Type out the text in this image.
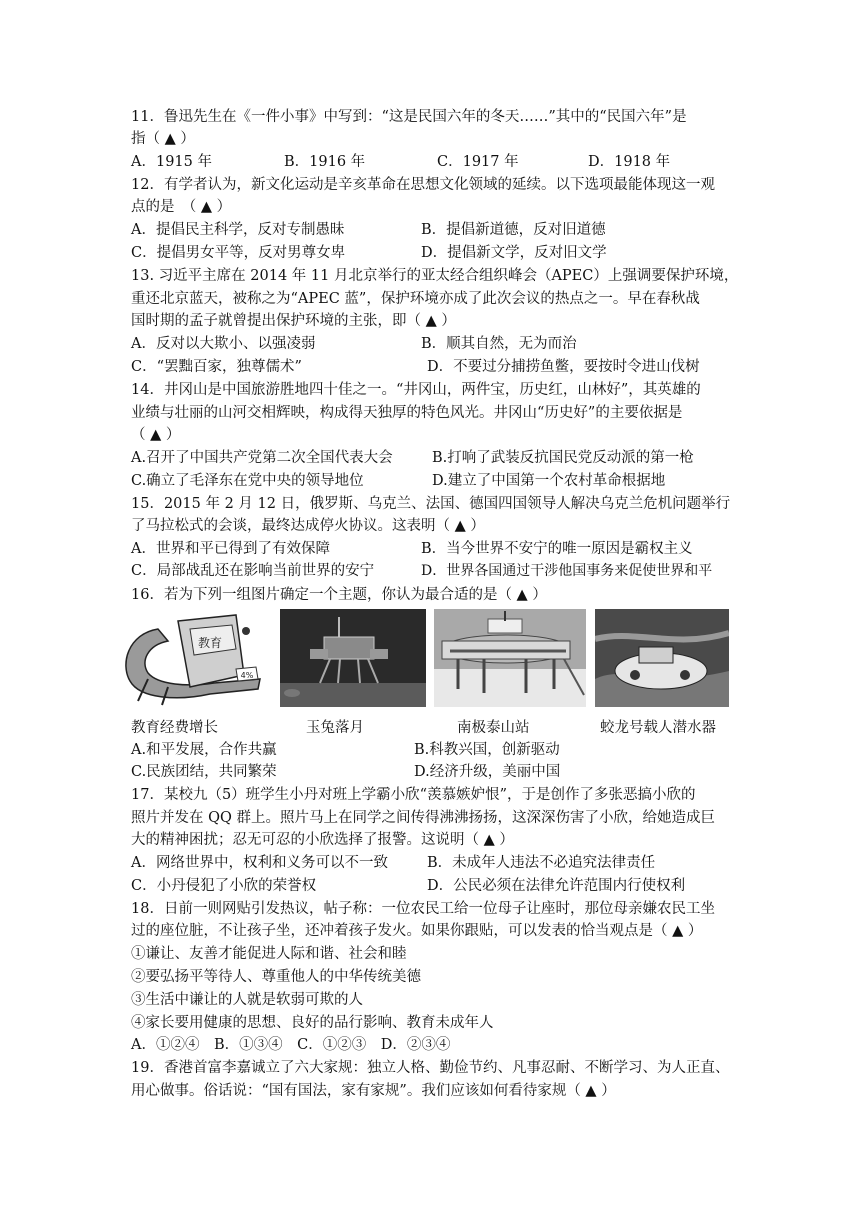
11．鲁迅先生在《一件小事》中写到：“这是民国六年的冬天……”其中的“民国六年”是
指（ ▲ ）
A．1915 年	B．1916 年	C．1917 年	D．1918 年
12．有学者认为，新文化运动是辛亥革命在思想文化领域的延续。以下选项最能体现这一观
点的是　（ ▲ ）
A．提倡民主科学，反对专制愚昧	B．提倡新道德，反对旧道德
C．提倡男女平等，反对男尊女卑	D．提倡新文学，反对旧文学
13. 习近平主席在 2014 年 11 月北京举行的亚太经合组织峰会（APEC）上强调要保护环境，
重还北京蓝天，被称之为“APEC 蓝”，保护环境亦成了此次会议的热点之一。早在春秋战
国时期的孟子就曾提出保护环境的主张，即（ ▲ ）
A．反对以大欺小、以强凌弱	B．顺其自然，无为而治
C．“罢黜百家，独尊儒术”	D．不要过分捕捞鱼鳖，要按时令进山伐树
14．井冈山是中国旅游胜地四十佳之一。“井冈山，两件宝，历史红，山林好”，其英雄的
业绩与壮丽的山河交相辉映，构成得天独厚的特色风光。井冈山“历史好”的主要依据是
（ ▲ ）
A.召开了中国共产党第二次全国代表大会	B.打响了武装反抗国民党反动派的第一枪
C.确立了毛泽东在党中央的领导地位	D.建立了中国第一个农村革命根据地
15．2015 年 2 月 12 日，俄罗斯、乌克兰、法国、德国四国领导人解决乌克兰危机问题举行
了马拉松式的会谈，最终达成停火协议。这表明（ ▲ ）
A．世界和平已得到了有效保障	B．当今世界不安宁的唯一原因是霸权主义
C．局部战乱还在影响当前世界的安宁	D．世界各国通过干涉他国事务来促使世界和平
16．若为下列一组图片确定一个主题，你认为最合适的是（ ▲ ）
教育
4%
教育经费增长	玉兔落月	南极泰山站	蛟龙号载人潜水器
A.和平发展，合作共赢	B.科教兴国，创新驱动
C.民族团结，共同繁荣	D.经济升级，美丽中国
17．某校九（5）班学生小丹对班上学霸小欣“羡慕嫉妒恨”，于是创作了多张恶搞小欣的
照片并发在 QQ 群上。照片马上在同学之间传得沸沸扬扬，这深深伤害了小欣，给她造成巨
大的精神困扰；忍无可忍的小欣选择了报警。这说明（ ▲ ）
A．网络世界中，权利和义务可以不一致	B．未成年人违法不必追究法律责任
C．小丹侵犯了小欣的荣誉权	D．公民必须在法律允许范围内行使权利
18．日前一则网贴引发热议，帖子称：一位农民工给一位母子让座时，那位母亲嫌农民工坐
过的座位脏，不让孩子坐，还冲着孩子发火。如果你跟贴，可以发表的恰当观点是（ ▲ ）
①谦让、友善才能促进人际和谐、社会和睦
②要弘扬平等待人、尊重他人的中华传统美德
③生活中谦让的人就是软弱可欺的人
④家长要用健康的思想、良好的品行影响、教育未成年人
A．①②④　B．①③④　C．①②③　D．②③④
19．香港首富李嘉诚立了六大家规：独立人格、勤俭节约、凡事忍耐、不断学习、为人正直、
用心做事。俗话说：“国有国法，家有家规”。我们应该如何看待家规（ ▲ ）
